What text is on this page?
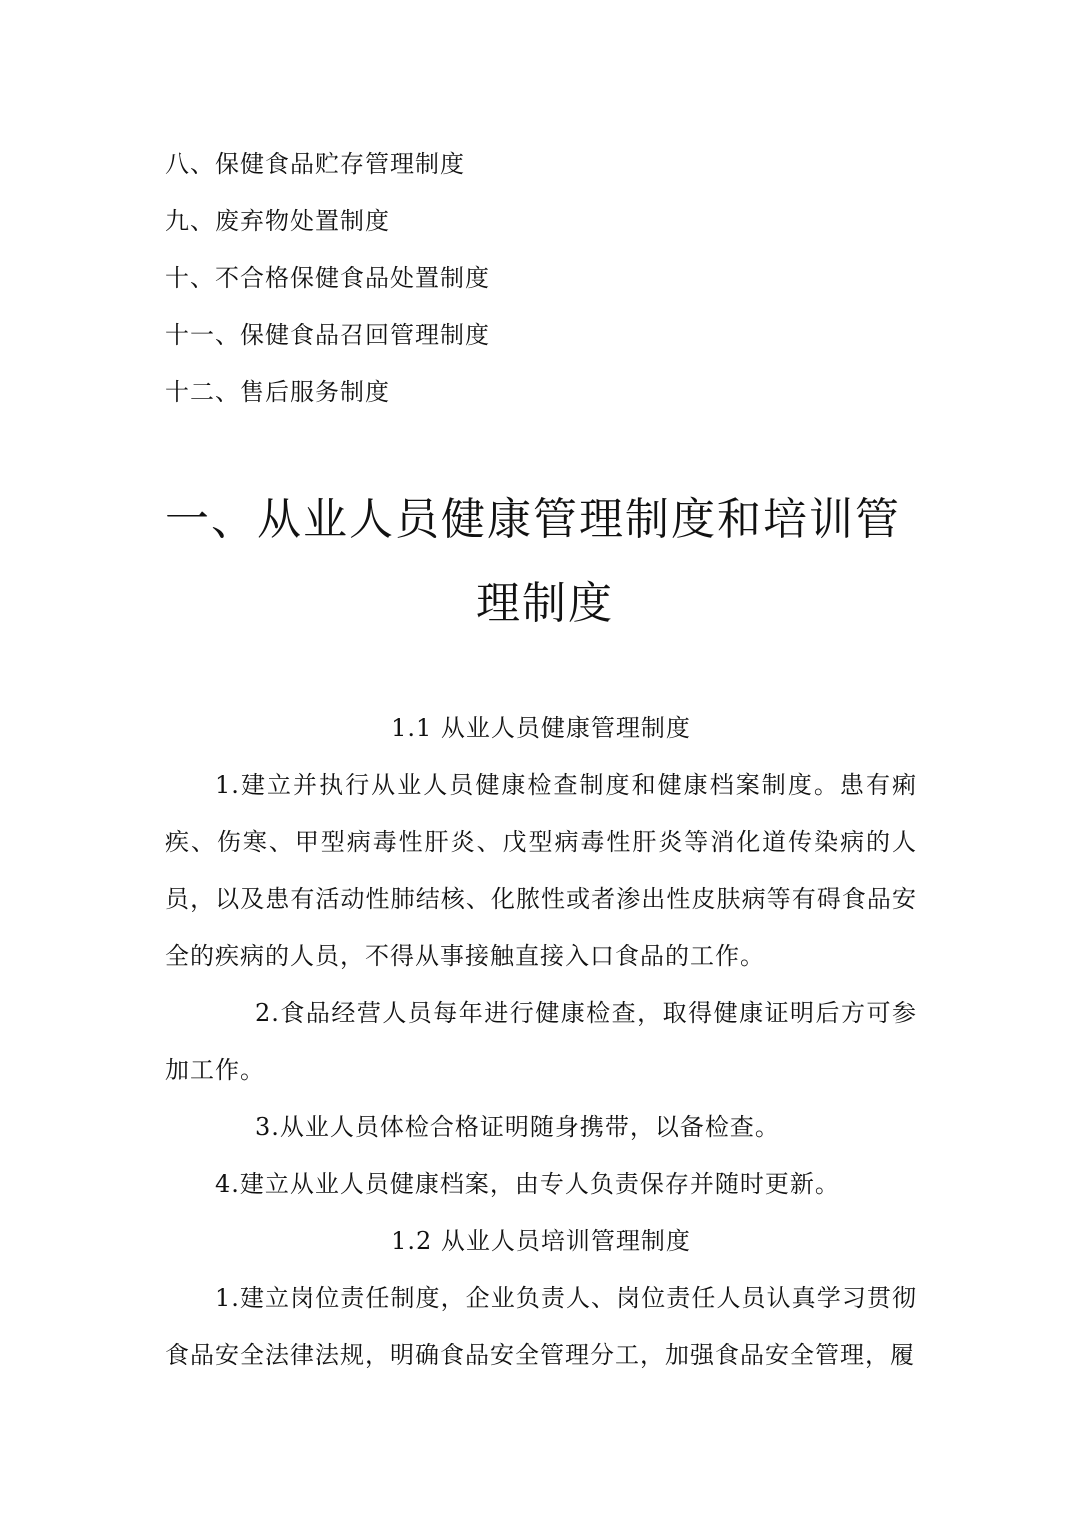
八、保健食品贮存管理制度
九、废弃物处置制度
十、不合格保健食品处置制度
十一、保健食品召回管理制度
十二、售后服务制度
一、从业人员健康管理制度和培训管
理制度
1.1 从业人员健康管理制度

1.建立并执行从业人员健康检查制度和健康档案制度。患有痢疾、伤寒、甲型病毒性肝炎、戊型病毒性肝炎等消化道传染病的人员，以及患有活动性肺结核、化脓性或者渗出性皮肤病等有碍食品安全的疾病的人员，不得从事接触直接入口食品的工作。

2.食品经营人员每年进行健康检查，取得健康证明后方可参加工作。

3.从业人员体检合格证明随身携带，以备检查。

4.建立从业人员健康档案，由专人负责保存并随时更新。

1.2 从业人员培训管理制度

1.建立岗位责任制度，企业负责人、岗位责任人员认真学习贯彻食品安全法律法规，明确食品安全管理分工，加强食品安全管理，履
